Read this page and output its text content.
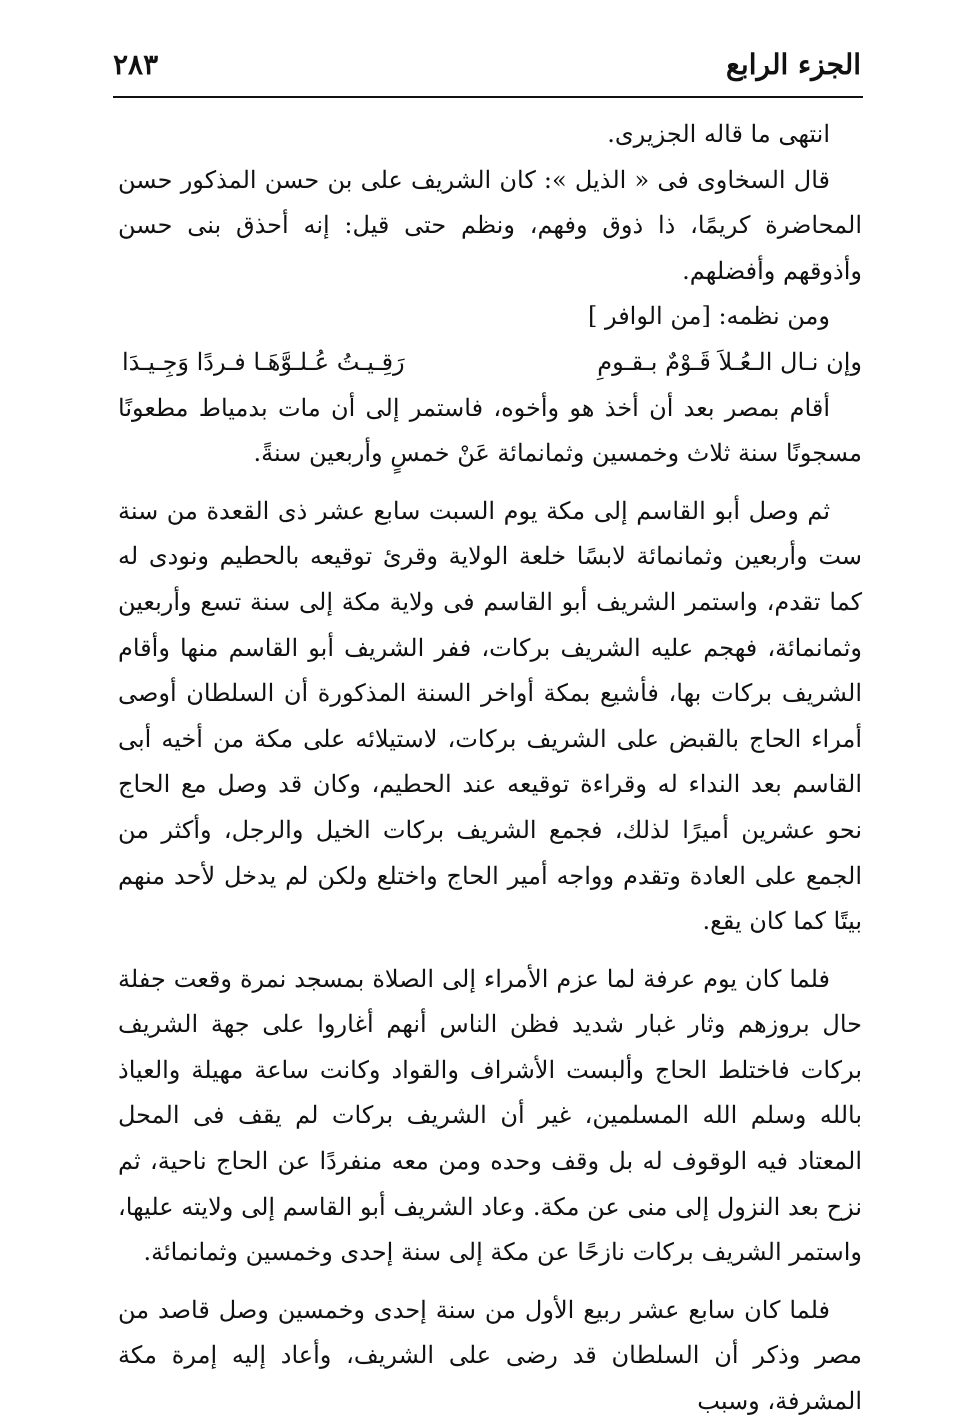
الجزء الرابع
٢٨٣

انتهى ما قاله الجزيرى.

قال السخاوى فى « الذيل »: كان الشريف على بن حسن المذكور حسن المحاضرة كريمًا، ذا ذوق وفهم، ونظم حتى قيل: إنه أحذق بنى حسن وأذوقهم وأفضلهم.

ومن نظمه: [من الوافر ]

وإن نـال الـعُـلاَ قَـوْمٌ بـقـومِ
رَقِـيـتُ عُـلـوَّهَـا فـردًا وَجِـيـدَا

أقام بمصر بعد أن أخذ هو وأخوه، فاستمر إلى أن مات بدمياط مطعونًا مسجونًا سنة ثلاث وخمسين وثمانمائة عَنْ خمسٍ وأربعين سنةً.

ثم وصل أبو القاسم إلى مكة يوم السبت سابع عشر ذى القعدة من سنة ست وأربعين وثمانمائة لابسًا خلعة الولاية وقرئ توقيعه بالحطيم ونودى له كما تقدم، واستمر الشريف أبو القاسم فى ولاية مكة إلى سنة تسع وأربعين وثمانمائة، فهجم عليه الشريف بركات، ففر الشريف أبو القاسم منها وأقام الشريف بركات بها، فأشيع بمكة أواخر السنة المذكورة أن السلطان أوصى أمراء الحاج بالقبض على الشريف بركات، لاستيلائه على مكة من أخيه أبى القاسم بعد النداء له وقراءة توقيعه عند الحطيم، وكان قد وصل مع الحاج نحو عشرين أميرًا لذلك، فجمع الشريف بركات الخيل والرجل، وأكثر من الجمع على العادة وتقدم وواجه أمير الحاج واختلع ولكن لم يدخل لأحد منهم بيتًا كما كان يقع.

فلما كان يوم عرفة لما عزم الأمراء إلى الصلاة بمسجد نمرة وقعت جفلة حال بروزهم وثار غبار شديد فظن الناس أنهم أغاروا على جهة الشريف بركات فاختلط الحاج وألبست الأشراف والقواد وكانت ساعة مهيلة والعياذ بالله وسلم الله المسلمين، غير أن الشريف بركات لم يقف فى المحل المعتاد فيه الوقوف له بل وقف وحده ومن معه منفردًا عن الحاج ناحية، ثم نزح بعد النزول إلى منى عن مكة. وعاد الشريف أبو القاسم إلى ولايته عليها، واستمر الشريف بركات نازحًا عن مكة إلى سنة إحدى وخمسين وثمانمائة.

فلما كان سابع عشر ربيع الأول من سنة إحدى وخمسين وصل قاصد من مصر وذكر أن السلطان قد رضى على الشريف، وأعاد إليه إمرة مكة المشرفة، وسبب
